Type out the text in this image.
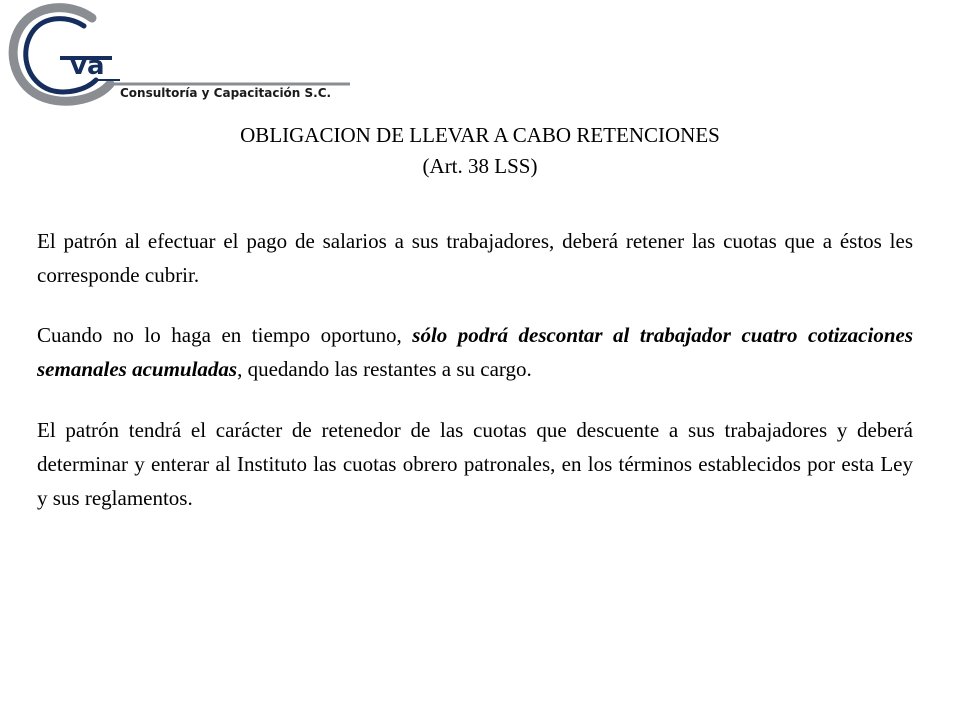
va
Consultoría y Capacitación S.C.
OBLIGACION DE LLEVAR A CABO RETENCIONES
(Art. 38 LSS)
El patrón al efectuar el pago de salarios a sus trabajadores, deberá retener las cuotas que a éstos les corresponde cubrir.
Cuando no lo haga en tiempo oportuno, sólo podrá descontar al trabajador cuatro cotizaciones semanales acumuladas, quedando las restantes a su cargo.
El patrón tendrá el carácter de retenedor de las cuotas que descuente a sus trabajadores y deberá determinar y enterar al Instituto las cuotas obrero patronales, en los términos establecidos por esta Ley y sus reglamentos.
